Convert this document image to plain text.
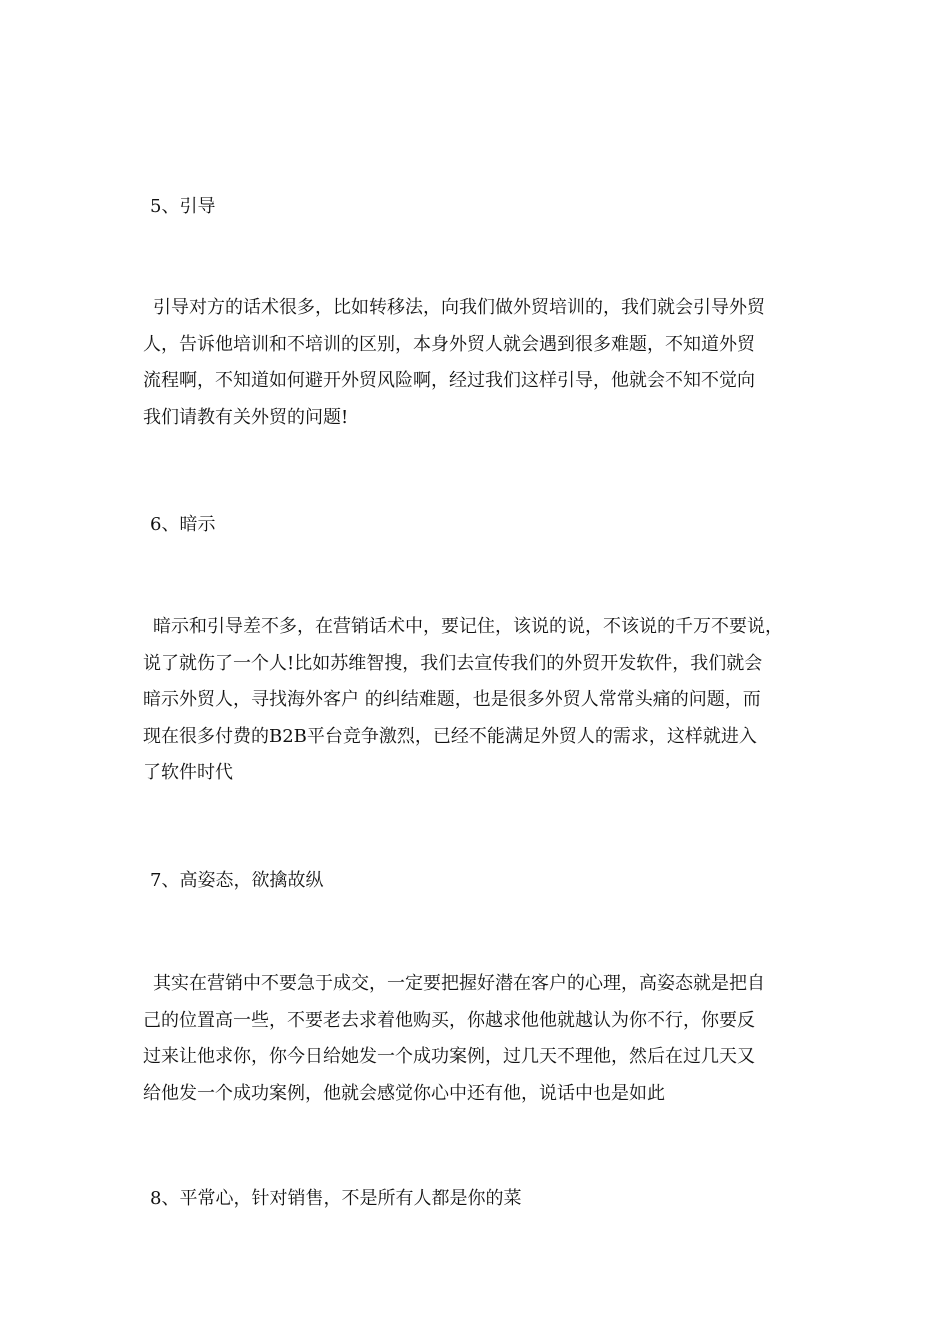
5、引导
引导对方的话术很多，比如转移法，向我们做外贸培训的，我们就会引导外贸
人，告诉他培训和不培训的区别，本身外贸人就会遇到很多难题，不知道外贸
流程啊，不知道如何避开外贸风险啊，经过我们这样引导，他就会不知不觉向
我们请教有关外贸的问题!
6、暗示
暗示和引导差不多，在营销话术中，要记住，该说的说，不该说的千万不要说，
说了就伤了一个人!比如苏维智搜，我们去宣传我们的外贸开发软件，我们就会
暗示外贸人，寻找海外客户 的纠结难题，也是很多外贸人常常头痛的问题，而
现在很多付费的B2B平台竞争激烈，已经不能满足外贸人的需求，这样就进入
了软件时代
7、高姿态，欲擒故纵
其实在营销中不要急于成交，一定要把握好潜在客户的心理，高姿态就是把自
己的位置高一些，不要老去求着他购买，你越求他他就越认为你不行，你要反
过来让他求你，你今日给她发一个成功案例，过几天不理他，然后在过几天又
给他发一个成功案例，他就会感觉你心中还有他，说话中也是如此
8、平常心，针对销售，不是所有人都是你的菜
